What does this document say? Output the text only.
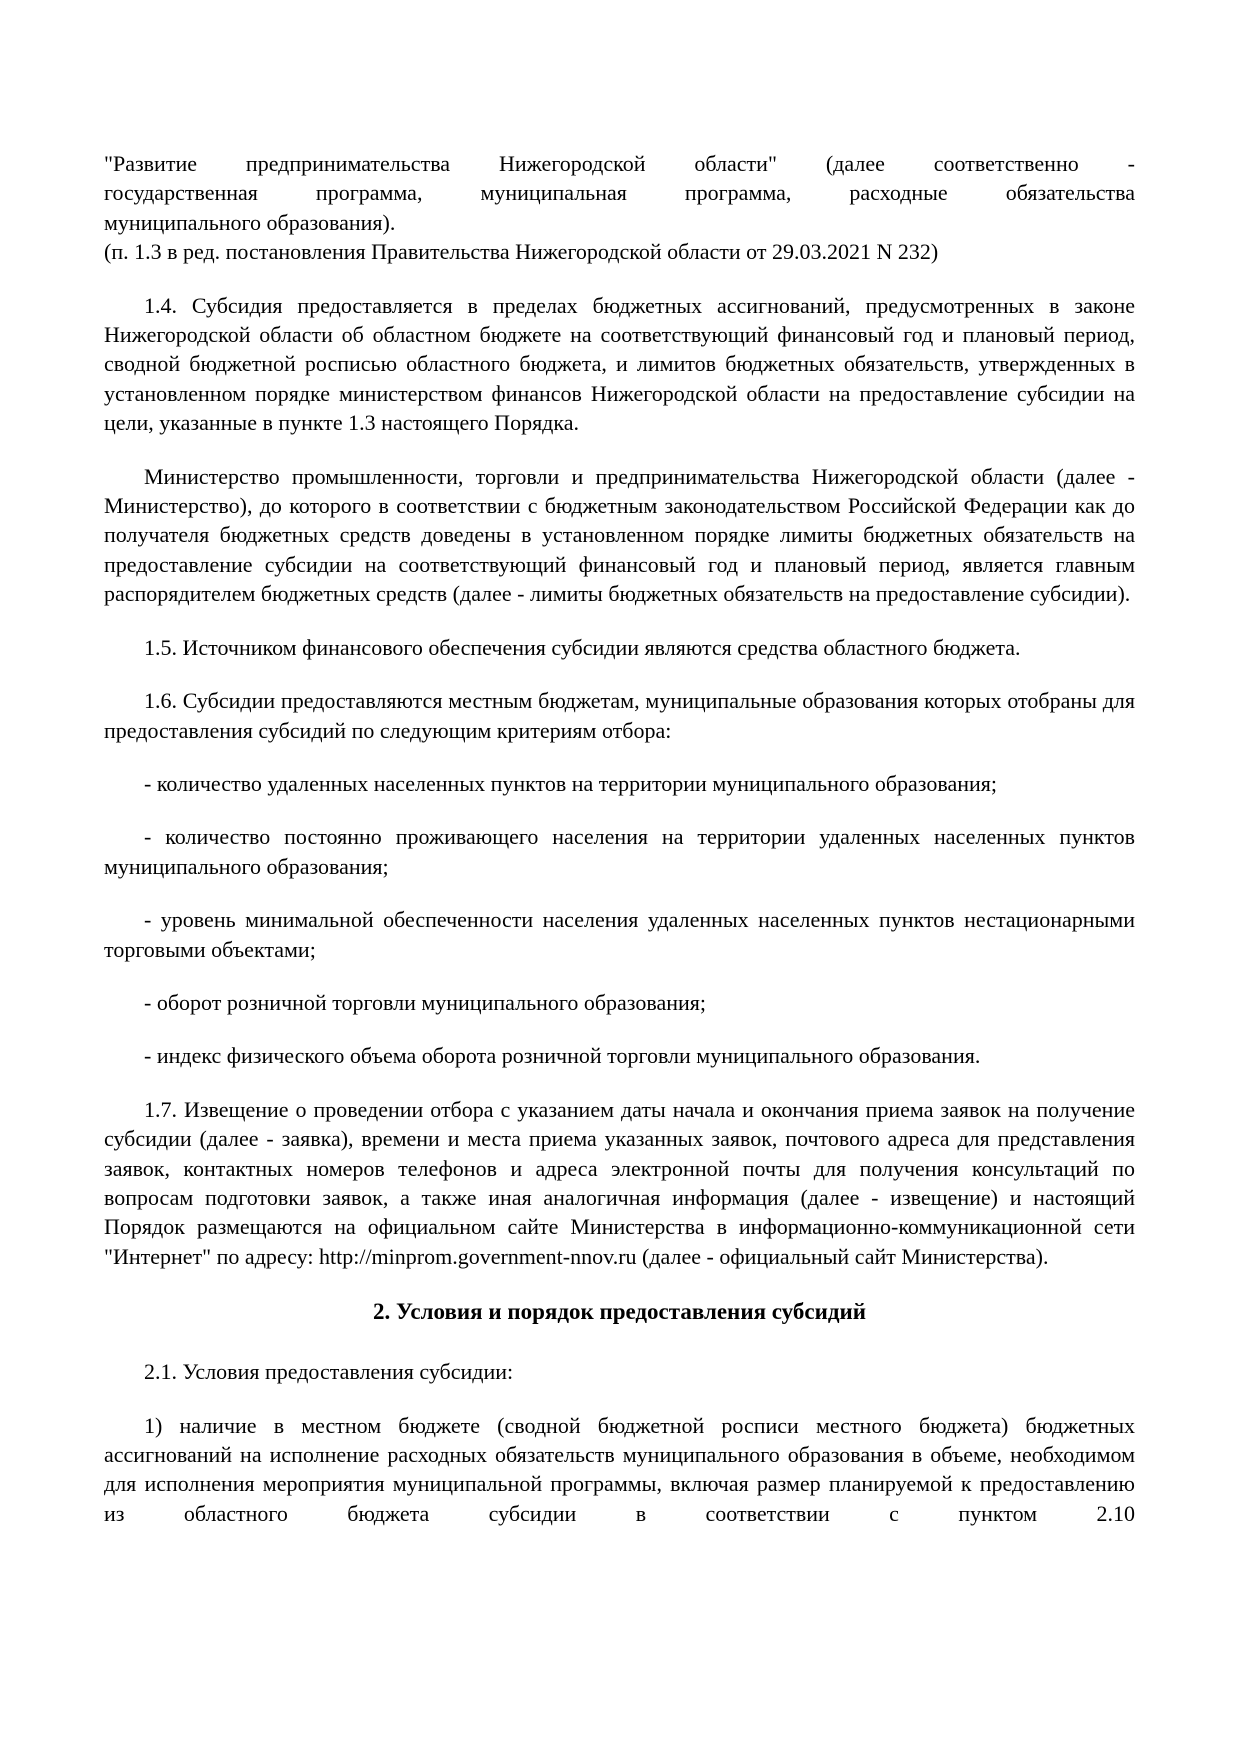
"Развитие предпринимательства Нижегородской области" (далее соответственно -
государственная программа, муниципальная программа, расходные обязательства
муниципального образования).

(п. 1.3 в ред. постановления Правительства Нижегородской области от 29.03.2021 N 232)

1.4. Субсидия предоставляется в пределах бюджетных ассигнований, предусмотренных в законе Нижегородской области об областном бюджете на соответствующий финансовый год и плановый период, сводной бюджетной росписью областного бюджета, и лимитов бюджетных обязательств, утвержденных в установленном порядке министерством финансов Нижегородской области на предоставление субсидии на цели, указанные в пункте 1.3 настоящего Порядка.

Министерство промышленности, торговли и предпринимательства Нижегородской области (далее - Министерство), до которого в соответствии с бюджетным законодательством Российской Федерации как до получателя бюджетных средств доведены в установленном порядке лимиты бюджетных обязательств на предоставление субсидии на соответствующий финансовый год и плановый период, является главным распорядителем бюджетных средств (далее - лимиты бюджетных обязательств на предоставление субсидии).

1.5. Источником финансового обеспечения субсидии являются средства областного бюджета.

1.6. Субсидии предоставляются местным бюджетам, муниципальные образования которых отобраны для предоставления субсидий по следующим критериям отбора:

- количество удаленных населенных пунктов на территории муниципального образования;

- количество постоянно проживающего населения на территории удаленных населенных пунктов муниципального образования;

- уровень минимальной обеспеченности населения удаленных населенных пунктов нестационарными торговыми объектами;

- оборот розничной торговли муниципального образования;

- индекс физического объема оборота розничной торговли муниципального образования.

1.7. Извещение о проведении отбора с указанием даты начала и окончания приема заявок на получение субсидии (далее - заявка), времени и места приема указанных заявок, почтового адреса для представления заявок, контактных номеров телефонов и адреса электронной почты для получения консультаций по вопросам подготовки заявок, а также иная аналогичная информация (далее - извещение) и настоящий Порядок размещаются на официальном сайте Министерства в информационно-коммуникационной сети "Интернет" по адресу: http://minprom.government-nnov.ru (далее - официальный сайт Министерства).

2. Условия и порядок предоставления субсидий

2.1. Условия предоставления субсидии:

1) наличие в местном бюджете (сводной бюджетной росписи местного бюджета) бюджетных ассигнований на исполнение расходных обязательств муниципального образования в объеме, необходимом для исполнения мероприятия муниципальной программы, включая размер планируемой к предоставлению из областного бюджета субсидии в соответствии с пунктом 2.10
